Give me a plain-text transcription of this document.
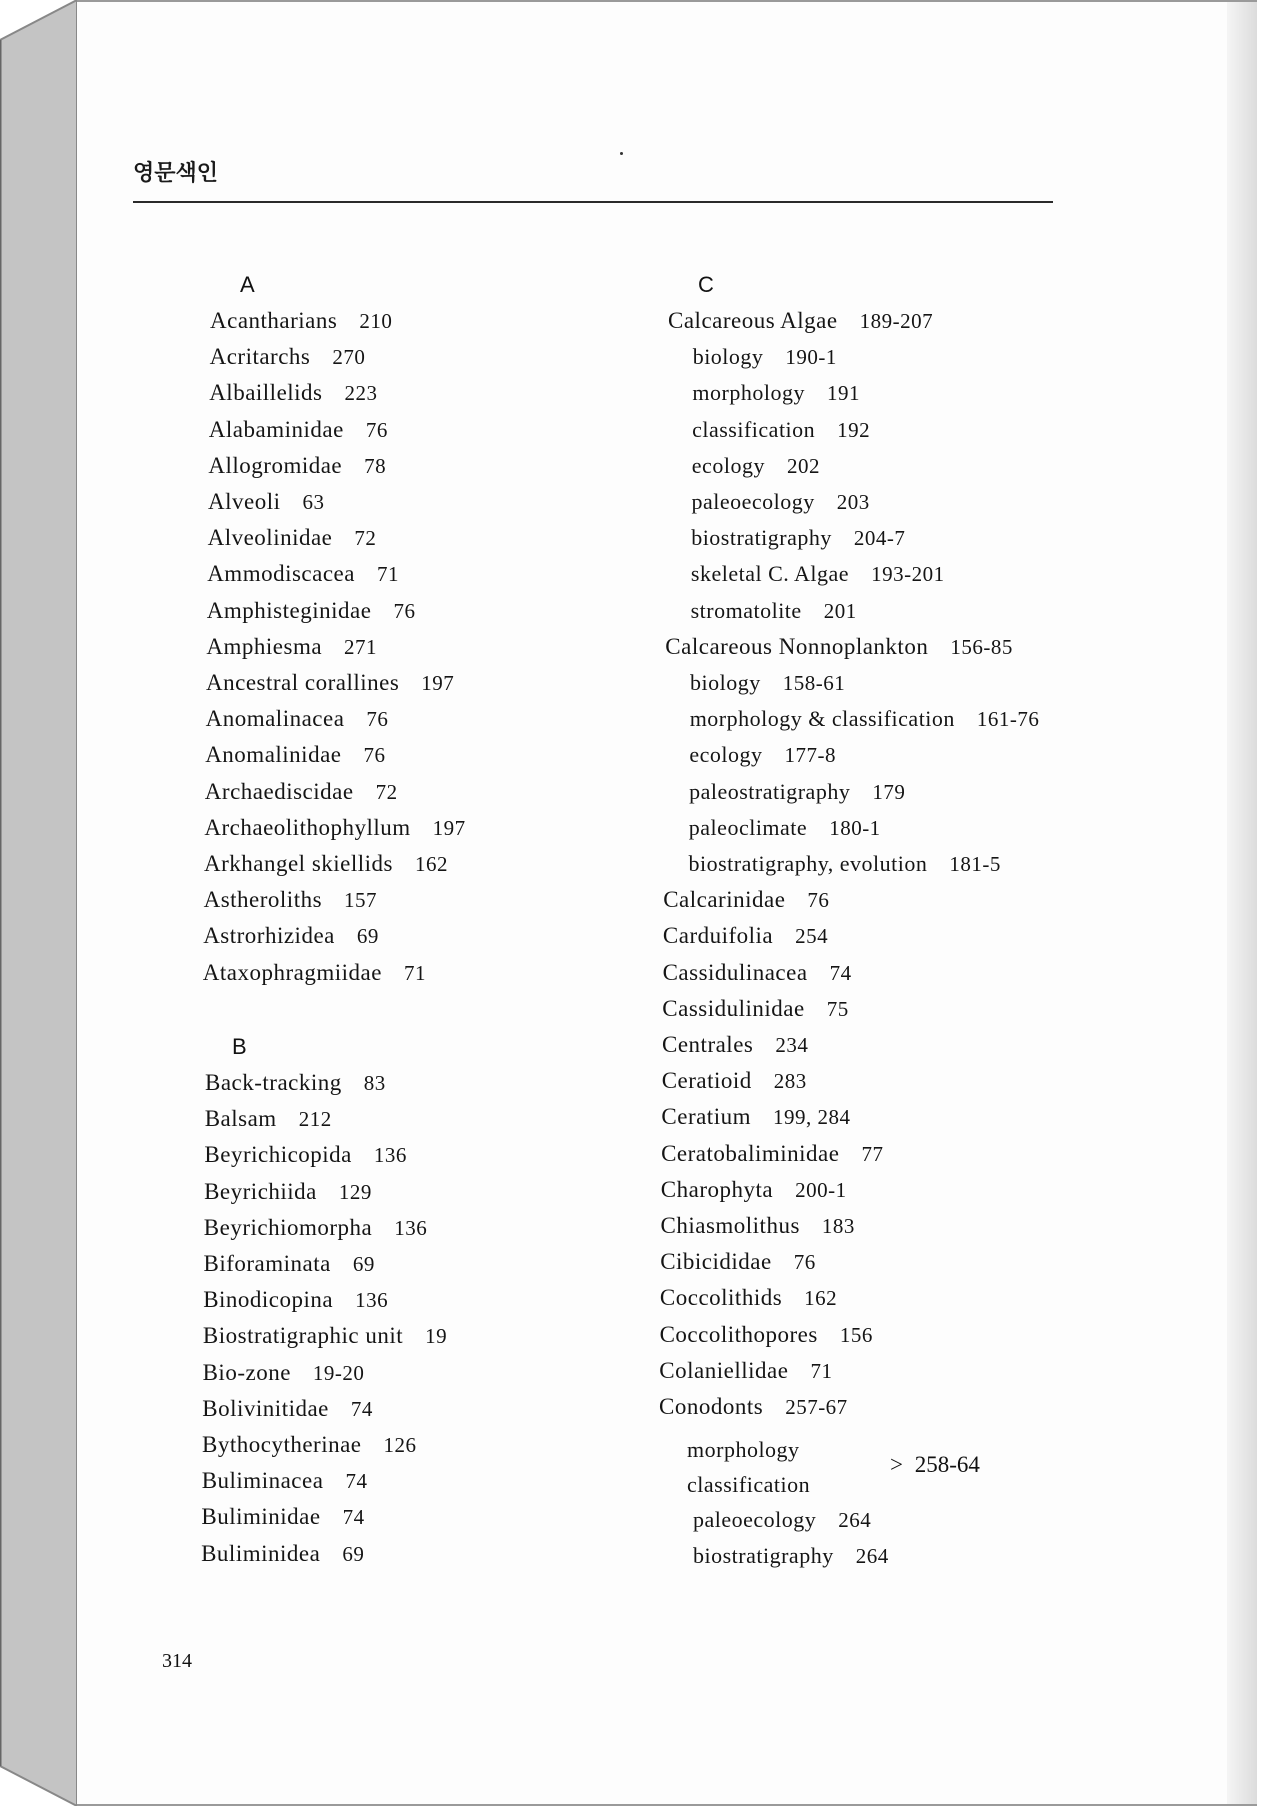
영문색인
A
B
Acantharians 210
Acritarchs 270
Albaillelids 223
Alabaminidae 76
Allogromidae 78
Alveoli 63
Alveolinidae 72
Ammodiscacea 71
Amphisteginidae 76
Amphiesma 271
Ancestral corallines 197
Anomalinacea 76
Anomalinidae 76
Archaediscidae 72
Archaeolithophyllum 197
Arkhangel skiellids 162
Astheroliths 157
Astrorhizidea 69
Ataxophragmiidae 71
Back-tracking 83
Balsam 212
Beyrichicopida 136
Beyrichiida 129
Beyrichiomorpha 136
Biforaminata 69
Binodicopina 136
Biostratigraphic unit 19
Bio-zone 19-20
Bolivinitidae 74
Bythocytherinae 126
Buliminacea 74
Buliminidae 74
Buliminidea 69
C
Calcareous Algae 189-207
biology 190-1
morphology 191
classification 192
ecology 202
paleoecology 203
biostratigraphy 204-7
skeletal C. Algae 193-201
stromatolite 201
Calcareous Nonnoplankton 156-85
biology 158-61
morphology & classification 161-76
ecology 177-8
paleostratigraphy 179
paleoclimate 180-1
biostratigraphy, evolution 181-5
Calcarinidae 76
Carduifolia 254
Cassidulinacea 74
Cassidulinidae 75
Centrales 234
Ceratioid 283
Ceratium 199, 284
Ceratobaliminidae 77
Charophyta 200-1
Chiasmolithus 183
Cibicididae 76
Coccolithids 162
Coccolithopores 156
Colaniellidae 71
Conodonts 257-67
paleoecology 264
biostratigraphy 264
morphology
classification
> 258-64
314
